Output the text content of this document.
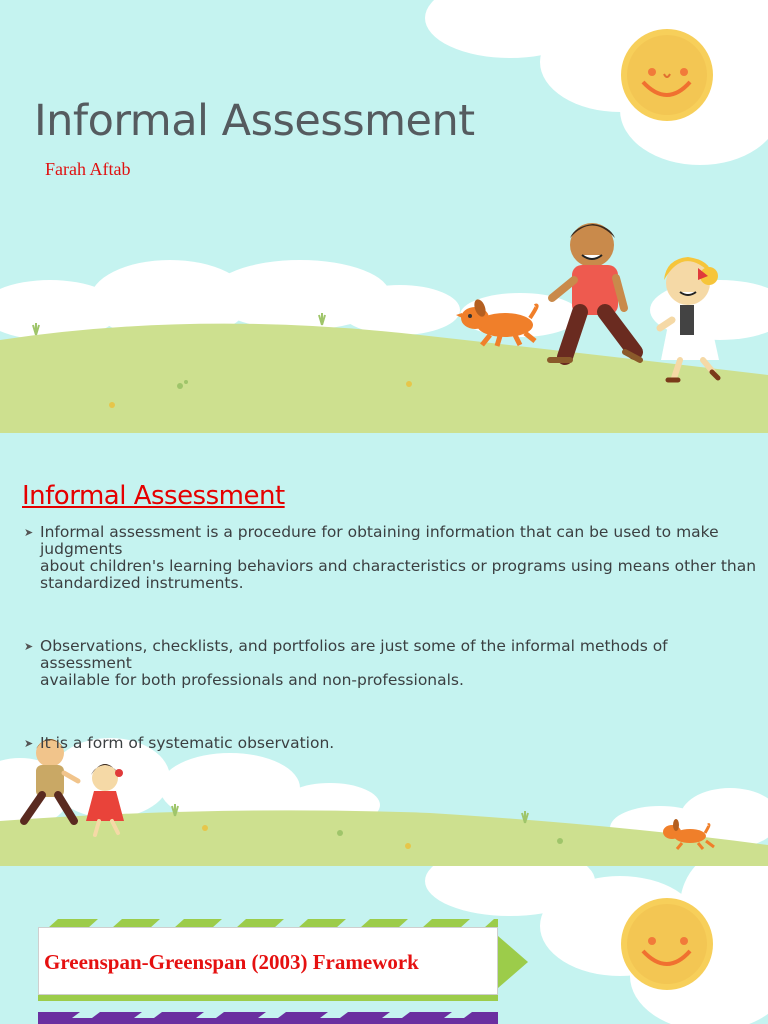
Informal Assessment
Farah Aftab
Informal Assessment
➤ Informal assessment is a procedure for obtaining information that can be used to make judgments
about children's learning behaviors and characteristics or programs using means other than
standardized instruments.
➤ Observations, checklists, and portfolios are just some of the informal methods of assessment
available for both professionals and non-professionals.
➤ It is a form of systematic observation.
Greenspan-Greenspan (2003) Framework
